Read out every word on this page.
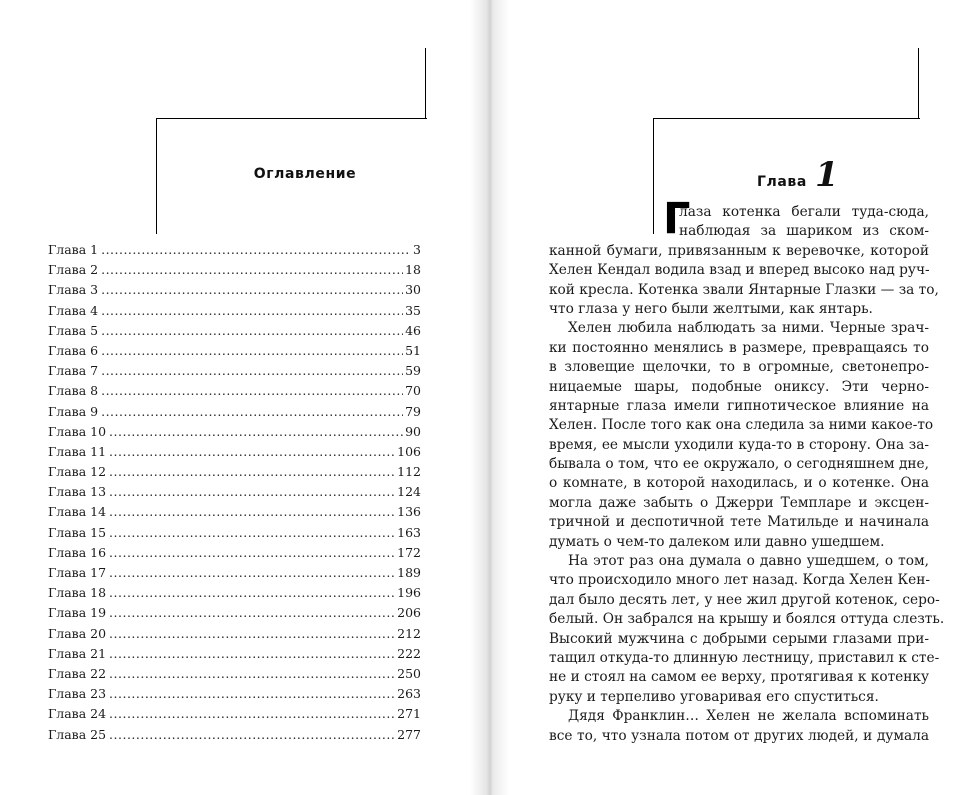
Оглавление
Глава 1 .....	3
Глава 2 .....	18
Глава 3 .....	30
Глава 4 .....	35
Глава 5 .....	46
Глава 6 .....	51
Глава 7 .....	59
Глава 8 .....	70
Глава 9 .....	79
Глава 10 .....	90
Глава 11 .....	106
Глава 12 .....	112
Глава 13 .....	124
Глава 14 .....	136
Глава 15 .....	163
Глава 16 .....	172
Глава 17 .....	189
Глава 18 .....	196
Глава 19 .....	206
Глава 20 .....	212
Глава 21 .....	222
Глава 22 .....	250
Глава 23 .....	263
Глава 24 .....	271
Глава 25 .....	277
Глава 1
Г
лаза котенка бегали туда-сюда,
наблюдая за шариком из ском-
канной бумаги, привязанным к веревочке, которой
Хелен Кендал водила взад и вперед высоко над руч-
кой кресла. Котенка звали Янтарные Глазки — за то,
что глаза у него были желтыми, как янтарь.
Хелен любила наблюдать за ними. Черные зрач-
ки постоянно менялись в размере, превращаясь то
в зловещие щелочки, то в огромные, светонепро-
ницаемые шары, подобные ониксу. Эти черно-
янтарные глаза имели гипнотическое влияние на
Хелен. После того как она следила за ними какое-то
время, ее мысли уходили куда-то в сторону. Она за-
бывала о том, что ее окружало, о сегодняшнем дне,
о комнате, в которой находилась, и о котенке. Она
могла даже забыть о Джерри Темпларе и эксцен-
тричной и деспотичной тете Матильде и начинала
думать о чем-то далеком или давно ушедшем.
На этот раз она думала о давно ушедшем, о том,
что происходило много лет назад. Когда Хелен Кен-
дал было десять лет, у нее жил другой котенок, серо-
белый. Он забрался на крышу и боялся оттуда слезть.
Высокий мужчина с добрыми серыми глазами при-
тащил откуда-то длинную лестницу, приставил к сте-
не и стоял на самом ее верху, протягивая к котенку
руку и терпеливо уговаривая его спуститься.
Дядя Франклин… Хелен не желала вспоминать
все то, что узнала потом от других людей, и думала
